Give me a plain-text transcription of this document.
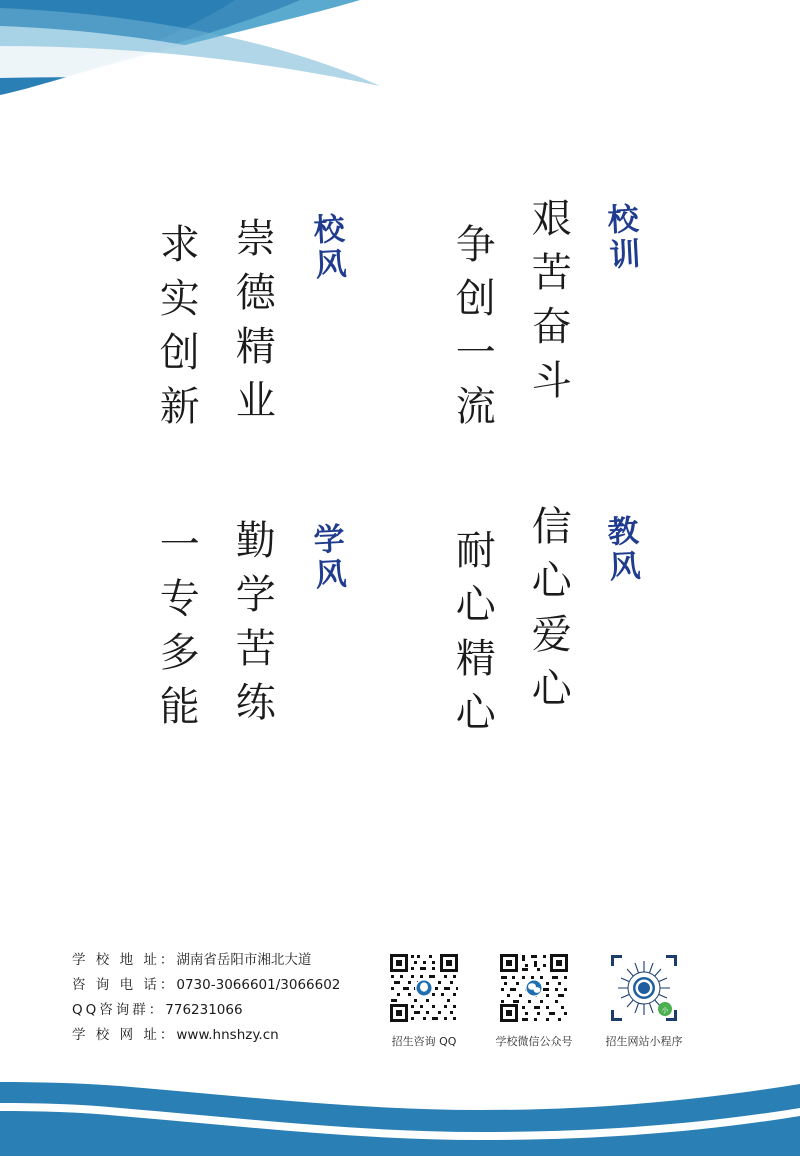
校训
艰苦奋斗
争创一流
校风
崇德精业
求实创新
教风
信心爱心
耐心精心
学风
勤学苦练
一专多能
学 校 地 址：湖南省岳阳市湘北大道
咨 询 电 话：0730-3066601/3066602
QQ咨询群：776231066
学 校 网 址：www.hnshzy.cn	招生咨询 QQ	学校微信公众号
小
招生网站小程序
